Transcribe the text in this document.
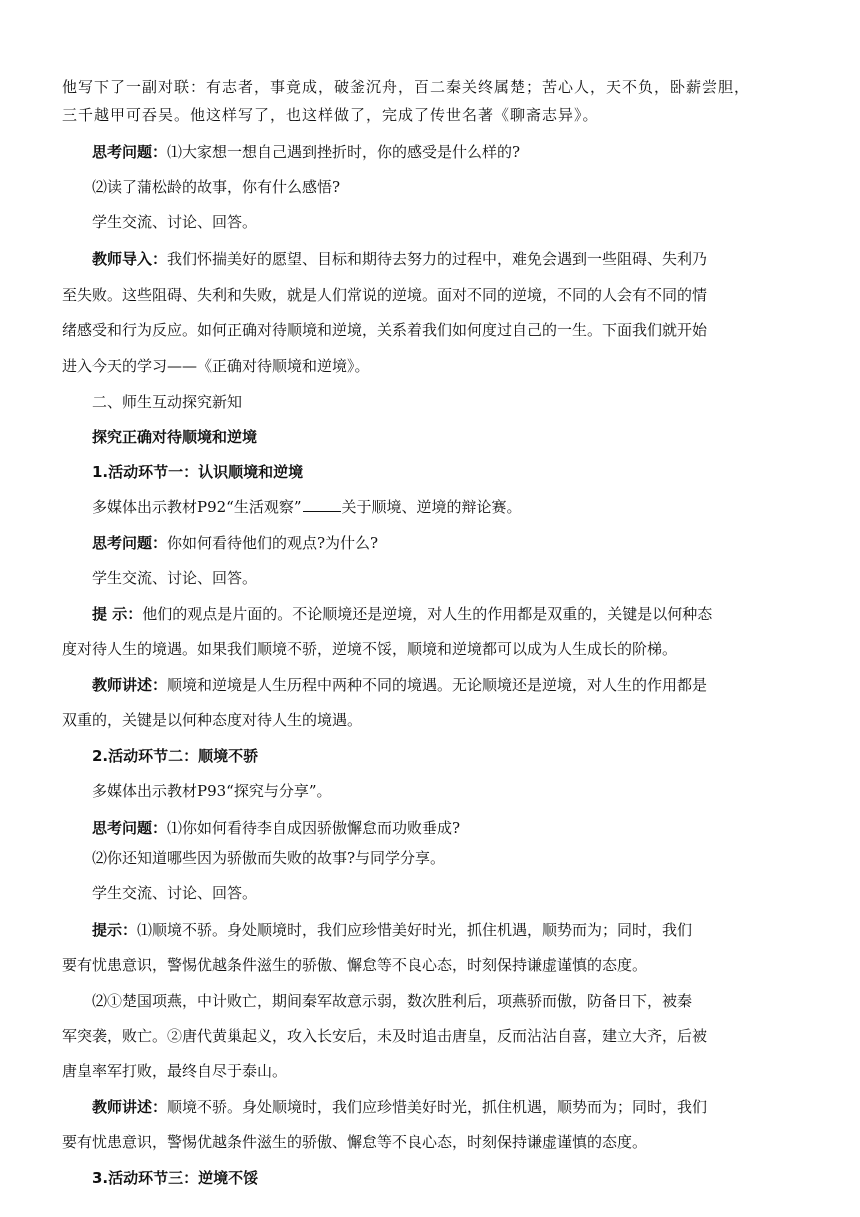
他写下了一副对联：有志者，事竟成，破釜沉舟，百二秦关终属楚；苦心人，天不负，卧薪尝胆，
三千越甲可吞吴。他这样写了，也这样做了，完成了传世名著《聊斋志异》。
思考问题：⑴大家想一想自己遇到挫折时，你的感受是什么样的?
⑵读了蒲松龄的故事，你有什么感悟?
学生交流、讨论、回答。
教师导入：我们怀揣美好的愿望、目标和期待去努力的过程中，难免会遇到一些阻碍、失利乃
至失败。这些阻碍、失利和失败，就是人们常说的逆境。面对不同的逆境，不同的人会有不同的情
绪感受和行为反应。如何正确对待顺境和逆境，关系着我们如何度过自己的一生。下面我们就开始
进入今天的学习——《正确对待顺境和逆境》。
二、师生互动探究新知
探究正确对待顺境和逆境
1.活动环节一：认识顺境和逆境
多媒体出示教材P92“生活观察”	关于顺境、逆境的辩论赛。
思考问题：你如何看待他们的观点?为什么?
学生交流、讨论、回答。
提 示：他们的观点是片面的。不论顺境还是逆境，对人生的作用都是双重的，关键是以何种态
度对待人生的境遇。如果我们顺境不骄，逆境不馁，顺境和逆境都可以成为人生成长的阶梯。
教师讲述：顺境和逆境是人生历程中两种不同的境遇。无论顺境还是逆境，对人生的作用都是
双重的，关键是以何种态度对待人生的境遇。
2.活动环节二：顺境不骄
多媒体出示教材P93“探究与分享”。
思考问题：⑴你如何看待李自成因骄傲懈怠而功败垂成?
⑵你还知道哪些因为骄傲而失败的故事?与同学分享。
学生交流、讨论、回答。
提示：⑴顺境不骄。身处顺境时，我们应珍惜美好时光，抓住机遇，顺势而为；同时，我们
要有忧患意识，警惕优越条件滋生的骄傲、懈怠等不良心态，时刻保持谦虚谨慎的态度。
⑵①楚国项燕，中计败亡，期间秦军故意示弱，数次胜利后，项燕骄而傲，防备日下，被秦
军突袭，败亡。②唐代黄巢起义，攻入长安后，未及时追击唐皇，反而沾沾自喜，建立大齐，后被
唐皇率军打败，最终自尽于泰山。
教师讲述：顺境不骄。身处顺境时，我们应珍惜美好时光，抓住机遇，顺势而为；同时，我们
要有忧患意识，警惕优越条件滋生的骄傲、懈怠等不良心态，时刻保持谦虚谨慎的态度。
3.活动环节三：逆境不馁
